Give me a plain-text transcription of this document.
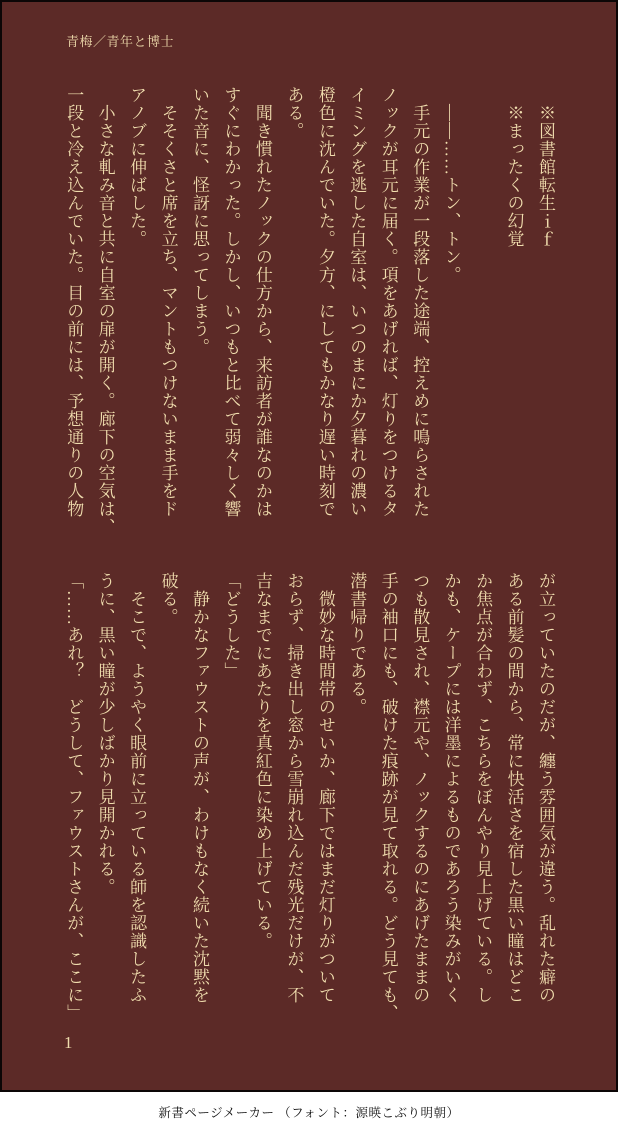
青梅／青年と博士

　※図書館転生ｉｆ

　※まったくの幻覚

　――……トン、トン。

　手元の作業が一段落した途端、控えめに鳴らされた

ノックが耳元に届く。項をあげれば、灯りをつけるタ

イミングを逃した自室は、いつのまにか夕暮れの濃い

橙色に沈んでいた。夕方、にしてもかなり遅い時刻で

ある。

　聞き慣れたノックの仕方から、来訪者が誰なのかは

すぐにわかった。しかし、いつもと比べて弱々しく響

いた音に、怪訝に思ってしまう。

　そそくさと席を立ち、マントもつけないまま手をド

アノブに伸ばした。

　小さな軋み音と共に自室の扉が開く。廊下の空気は、

一段と冷え込んでいた。目の前には、予想通りの人物

が立っていたのだが、纏う雰囲気が違う。乱れた癖の

ある前髪の間から、常に快活さを宿した黒い瞳はどこ

か焦点が合わず、こちらをぼんやり見上げている。し

かも、ケープには洋墨によるものであろう染みがいく

つも散見され、襟元や、ノックするのにあげたままの

手の袖口にも、破けた痕跡が見て取れる。どう見ても、

潜書帰りである。

　微妙な時間帯のせいか、廊下ではまだ灯りがついて

おらず、掃き出し窓から雪崩れ込んだ残光だけが、不

吉なまでにあたりを真紅色に染め上げている。

「どうした」

　静かなファウストの声が、わけもなく続いた沈黙を

破る。

　そこで、ようやく眼前に立っている師を認識したふ

うに、黒い瞳が少しばかり見開かれる。

「……あれ？　どうして、ファウストさんが、ここに」

1
新書ページメーカー （フォント：源暎こぶり明朝）
